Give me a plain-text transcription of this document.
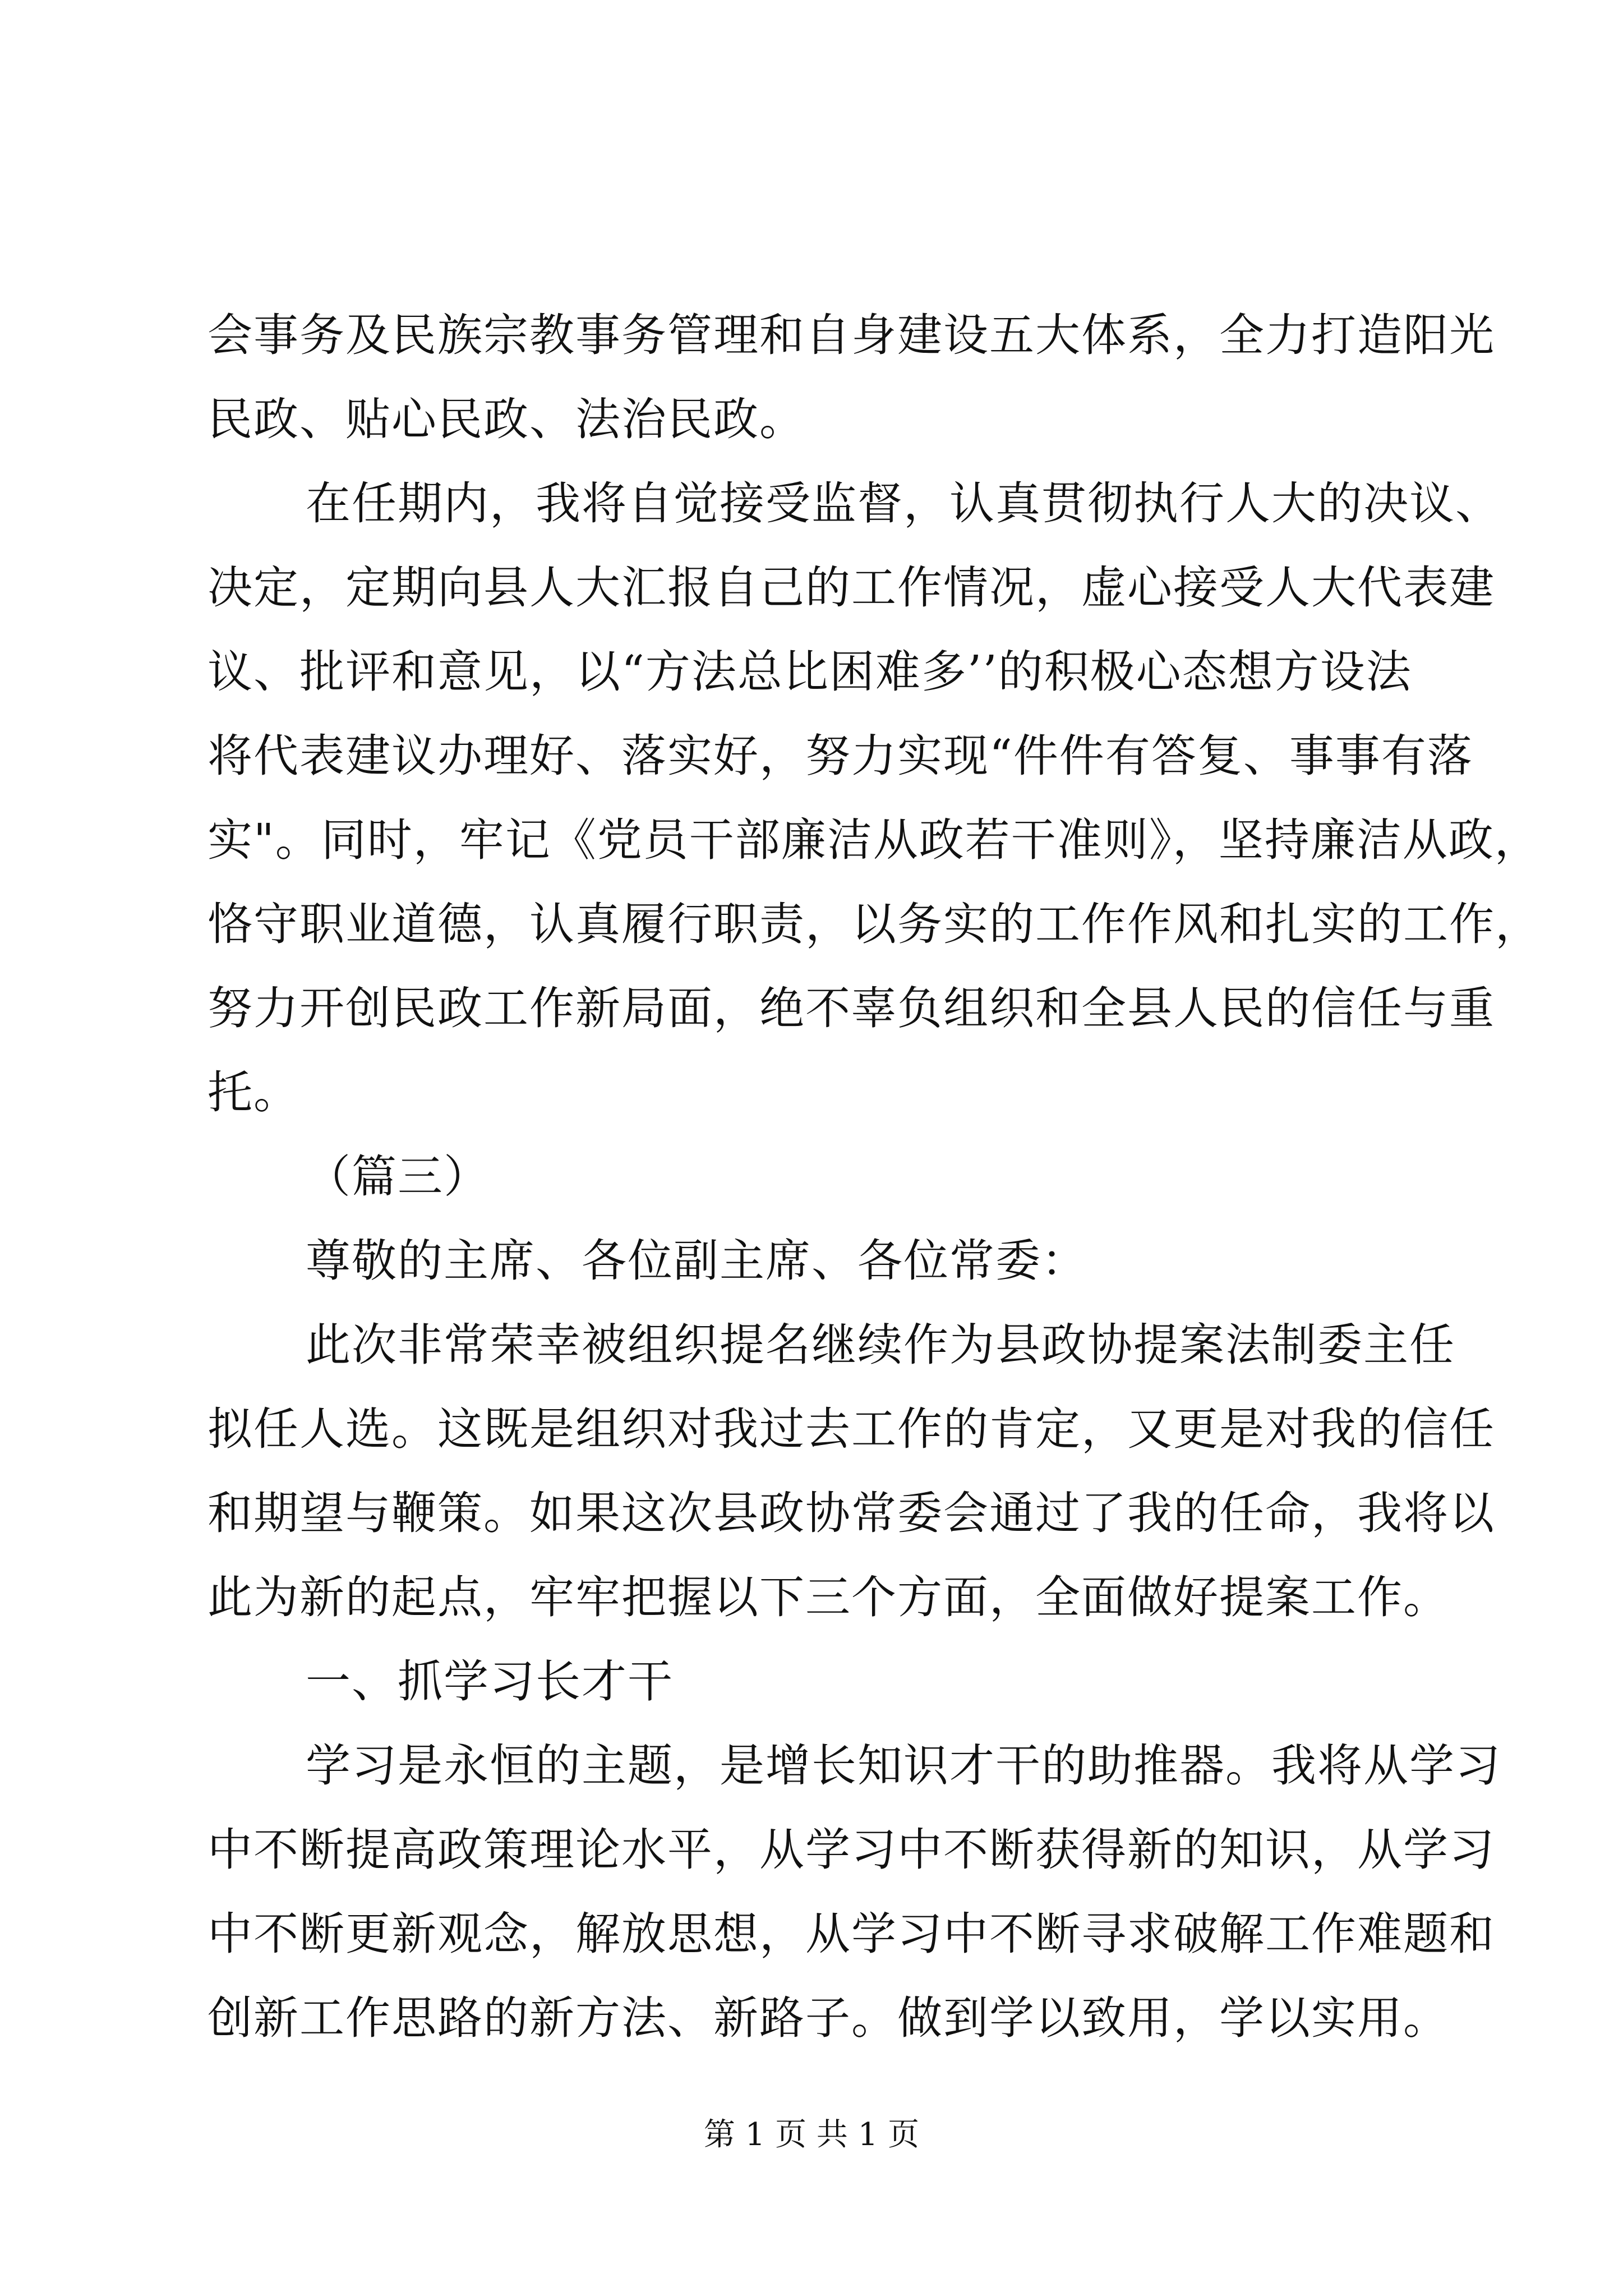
会事务及民族宗教事务管理和自身建设五大体系，全力打造阳光
民政、贴心民政、法治民政。
在任期内，我将自觉接受监督，认真贯彻执行人大的决议、
决定，定期向县人大汇报自己的工作情况，虚心接受人大代表建
议、批评和意见，以“方法总比困难多’’的积极心态想方设法
将代表建议办理好、落实好，努力实现“件件有答复、事事有落
实"。同时，牢记《党员干部廉洁从政若干准则》，坚持廉洁从政，
恪守职业道德，认真履行职责，以务实的工作作风和扎实的工作，
努力开创民政工作新局面，绝不辜负组织和全县人民的信任与重
托。
（篇三）
尊敬的主席、各位副主席、各位常委：
此次非常荣幸被组织提名继续作为县政协提案法制委主任
拟任人选。这既是组织对我过去工作的肯定，又更是对我的信任
和期望与鞭策。如果这次县政协常委会通过了我的任命，我将以
此为新的起点，牢牢把握以下三个方面，全面做好提案工作。
一、抓学习长才干
学习是永恒的主题，是增长知识才干的助推器。我将从学习
中不断提高政策理论水平，从学习中不断获得新的知识，从学习
中不断更新观念，解放思想，从学习中不断寻求破解工作难题和
创新工作思路的新方法、新路子。做到学以致用，学以实用。
第 1 页 共 1 页
